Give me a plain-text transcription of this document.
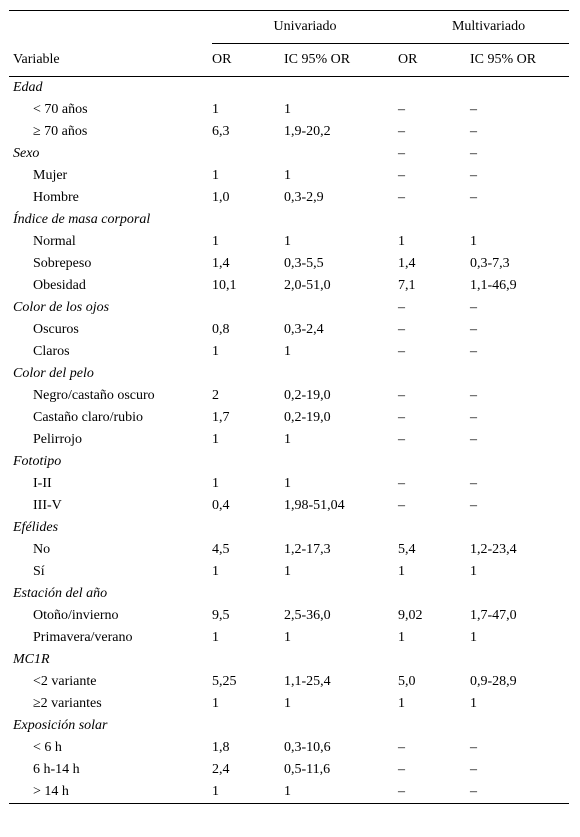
	Univariado		Multivariado	
Variable	OR	IC 95% OR	OR	IC 95% OR
Edad				
< 70 años	1	1	–	–
≥ 70 años	6,3	1,9-20,2	–	–
Sexo			–	–
Mujer	1	1	–	–
Hombre	1,0	0,3-2,9	–	–
Índice de masa corporal				
Normal	1	1	1	1
Sobrepeso	1,4	0,3-5,5	1,4	0,3-7,3
Obesidad	10,1	2,0-51,0	7,1	1,1-46,9
Color de los ojos			–	–
Oscuros	0,8	0,3-2,4	–	–
Claros	1	1	–	–
Color del pelo				
Negro/castaño oscuro	2	0,2-19,0	–	–
Castaño claro/rubio	1,7	0,2-19,0	–	–
Pelirrojo	1	1	–	–
Fototipo				
I-II	1	1	–	–
III-V	0,4	1,98-51,04	–	–
Efélides				
No	4,5	1,2-17,3	5,4	1,2-23,4
Sí	1	1	1	1
Estación del año				
Otoño/invierno	9,5	2,5-36,0	9,02	1,7-47,0
Primavera/verano	1	1	1	1
MC1R				
<2 variante	5,25	1,1-25,4	5,0	0,9-28,9
≥2 variantes	1	1	1	1
Exposición solar				
< 6 h	1,8	0,3-10,6	–	–
6 h-14 h	2,4	0,5-11,6	–	–
> 14 h	1	1	–	–
